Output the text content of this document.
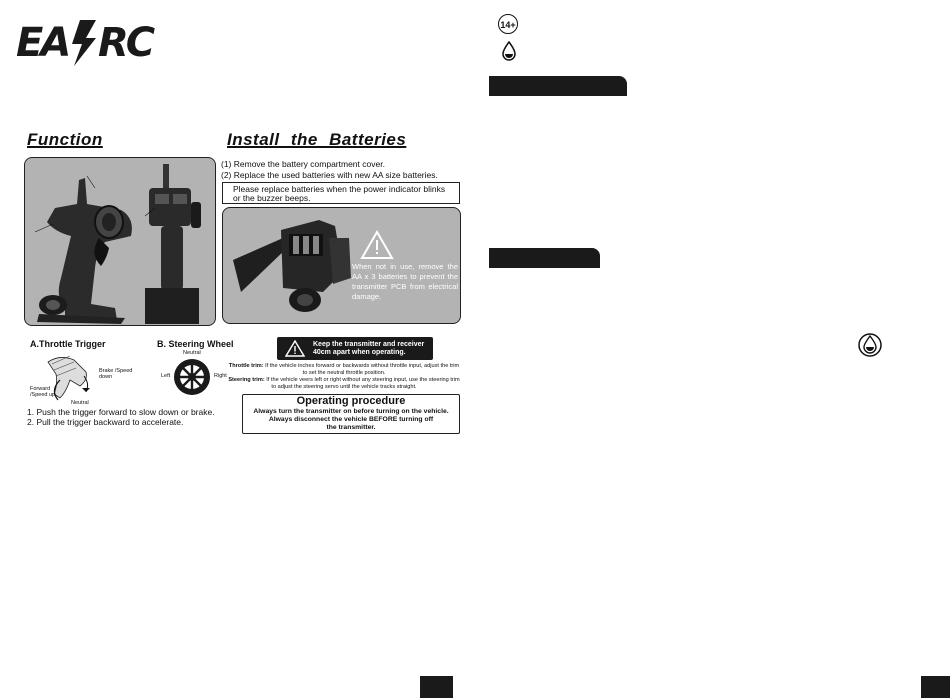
EA RC
Function	Install the Batteries
(1) Remove the battery compartment cover.
(2) Replace the used batteries with new AA size batteries.
Please replace batteries when the power indicator blinks or the buzzer beeps.
When not in use, remove the AA x 3 batteries to prevent the transmitter PCB from electrical damage.
A.Throttle Trigger
Brake /Speed down
Forward /Speed up
Neutral
B. Steering Wheel
Neutral
Left	Right
1. Push the trigger forward to slow down or brake.
2. Pull the trigger backward to accelerate.
Keep the transmitter and receiver 40cm apart when operating.
Throttle trim: If the vehicle inches forward or backwards without throttle input, adjust the trim to set the neutral throttle position.
Steering trim: If the vehicle veers left or right without any steering input, use the steering trim to adjust the steering servo until the vehicle tracks straight.
Operating procedure
Always turn the transmitter on before turning on the vehicle.
Always disconnect the vehicle BEFORE turning off
the transmitter.
14+
